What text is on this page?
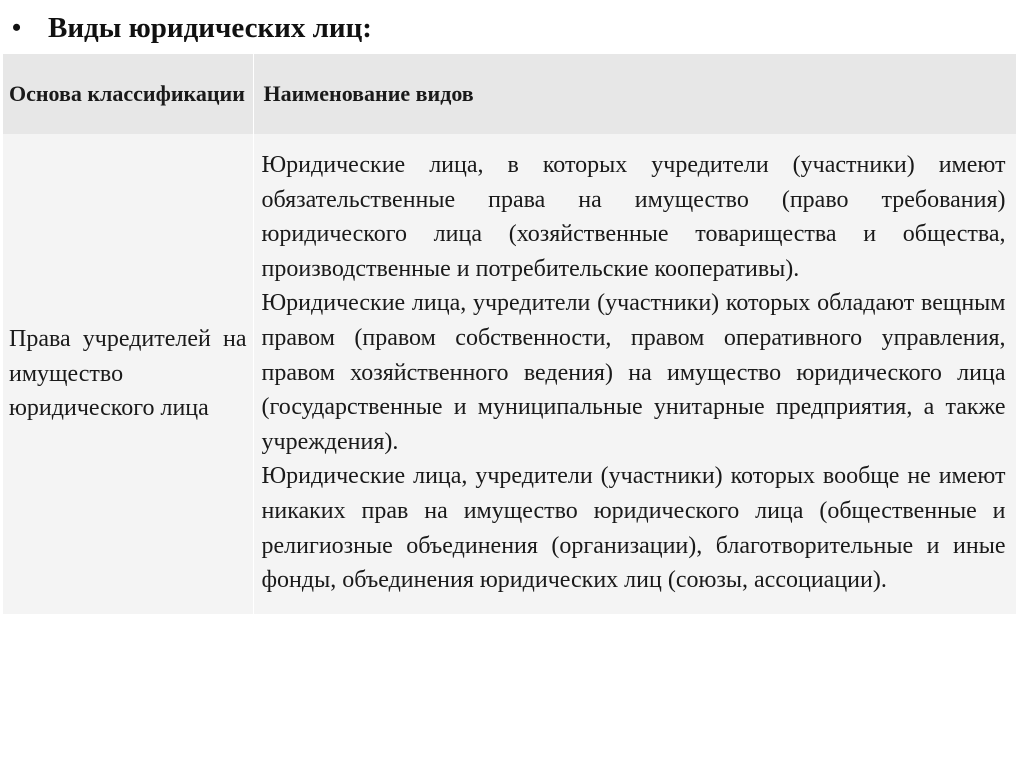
• Виды юридических лиц:
Основа классификации	Наименование видов
Права учредителей на имущество юридического лица	Юридические лица, в которых учредители (участники) имеют обязательственные права на имущество (право требования) юридического лица (хозяйственные товарищества и общества, производственные и потребительские кооперативы).

Юридические лица, учредители (участники) которых обладают вещным правом (правом собственности, правом оперативного управления, правом хозяйственного ведения) на имущество юридического лица (государственные и муниципальные унитарные предприятия, а также учреждения).

Юридические лица, учредители (участники) которых вообще не имеют никаких прав на имущество юридического лица (общественные и религиозные объединения (организации), благотворительные и иные фонды, объединения юридических лиц (союзы, ассоциации).
